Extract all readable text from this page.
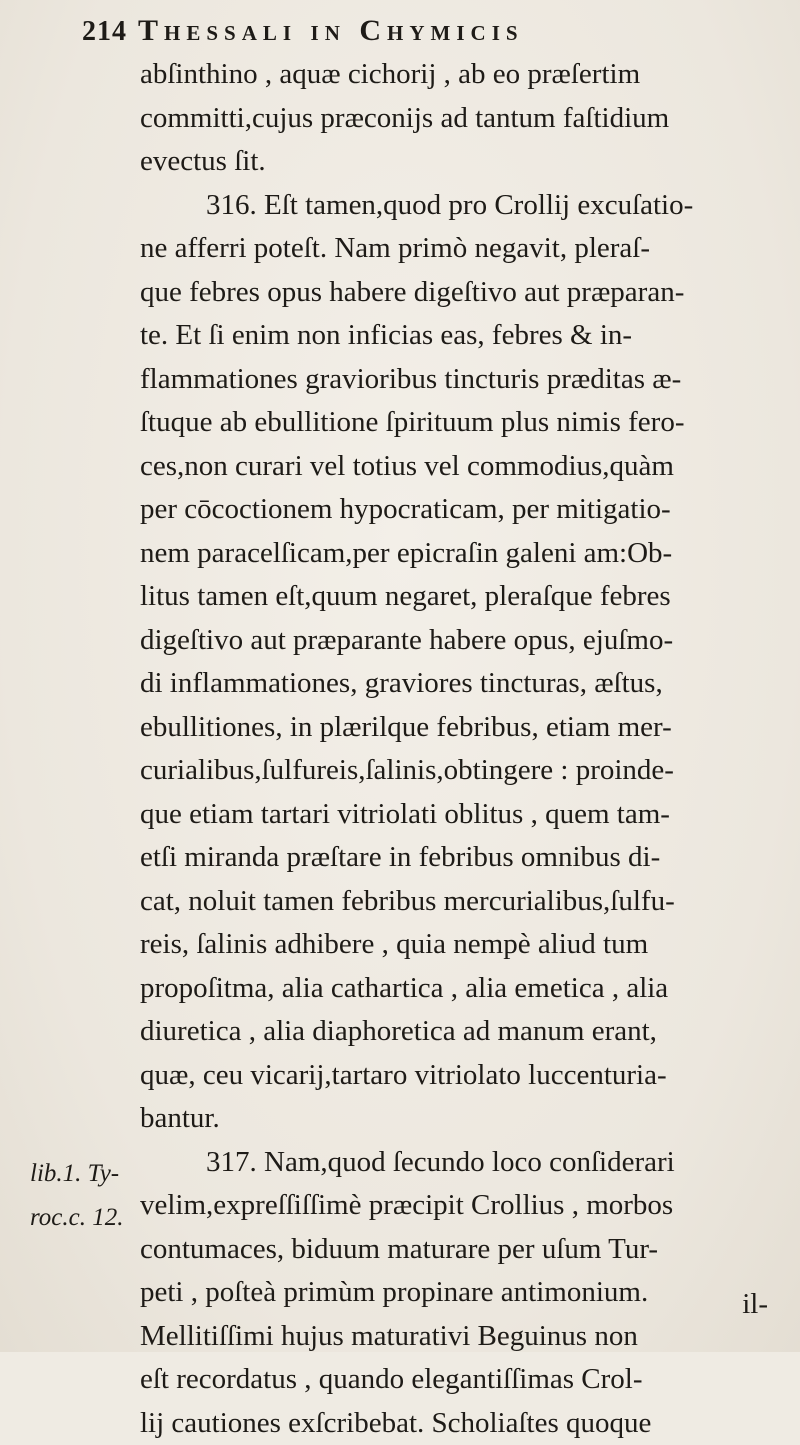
214 Thessali in Chymicis
lib.1. Ty-
roc.c. 12.
abſinthino , aquæ cichorij , ab eo præſertim
committi,cujus præconijs ad tantum faſtidium
evectus ſit.
316. Eſt tamen,quod pro Crollij excuſatio-
ne afferri poteſt. Nam primò negavit, pleraſ-
que febres opus habere digeſtivo aut præparan-
te. Et ſi enim non inficias eas, febres & in-
flammationes gravioribus tincturis præditas æ-
ſtuque ab ebullitione ſpirituum plus nimis fero-
ces,non curari vel totius vel commodius,quàm
per cōcoctionem hypocraticam, per mitigatio-
nem paracelſicam,per epicraſin galeni am:Ob-
litus tamen eſt,quum negaret, pleraſque febres
digeſtivo aut præparante habere opus, ejuſmo-
di inflammationes, graviores tincturas, æſtus,
ebullitiones, in plærilque febribus, etiam mer-
curialibus,ſulfureis,ſalinis,obtingere : proinde-
que etiam tartari vitriolati oblitus , quem tam-
etſi miranda præſtare in febribus omnibus di-
cat, noluit tamen febribus mercurialibus,ſulfu-
reis, ſalinis adhibere , quia nempè aliud tum
propoſitma, alia cathartica , alia emetica , alia
diuretica , alia diaphoretica ad manum erant,
quæ, ceu vicarij,tartaro vitriolato luccenturia-
bantur.
317. Nam,quod ſecundo loco conſiderari
velim,expreſſiſſimè præcipit Crollius , morbos
contumaces, biduum maturare per uſum Tur-
peti , poſteà primùm propinare antimonium.
Mellitiſſimi hujus maturativi Beguinus non
eſt recordatus , quando elegantiſſimas Crol-
lij cautiones exſcribebat. Scholiaſtes quoque
il-
